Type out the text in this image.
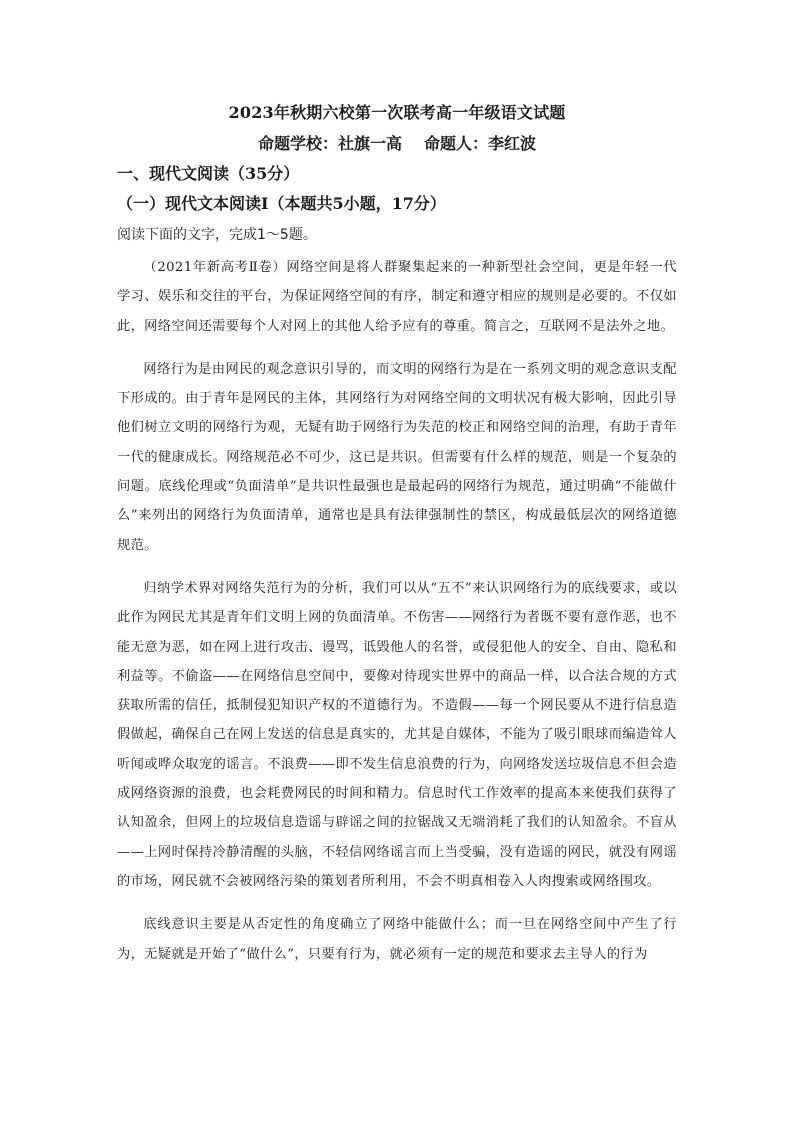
2023年秋期六校第一次联考高一年级语文试题

命题学校：社旗一高 命题人：李红波

一、现代文阅读（35分）
（一）现代文本阅读Ⅰ（本题共5小题，17分）

阅读下面的文字，完成1～5题。

（2021年新高考Ⅱ卷）网络空间是将人群聚集起来的一种新型社会空间，更是年轻一代学习、娱乐和交往的平台，为保证网络空间的有序，制定和遵守相应的规则是必要的。不仅如此，网络空间还需要每个人对网上的其他人给予应有的尊重。简言之，互联网不是法外之地。

网络行为是由网民的观念意识引导的，而文明的网络行为是在一系列文明的观念意识支配下形成的。由于青年是网民的主体，其网络行为对网络空间的文明状况有极大影响，因此引导他们树立文明的网络行为观，无疑有助于网络行为失范的校正和网络空间的治理，有助于青年一代的健康成长。网络规范必不可少，这已是共识。但需要有什么样的规范，则是一个复杂的问题。底线伦理或“负面清单”是共识性最强也是最起码的网络行为规范，通过明确“不能做什么”来列出的网络行为负面清单，通常也是具有法律强制性的禁区，构成最低层次的网络道德规范。

归纳学术界对网络失范行为的分析，我们可以从“五不”来认识网络行为的底线要求，或以此作为网民尤其是青年们文明上网的负面清单。不伤害——网络行为者既不要有意作恶，也不能无意为恶，如在网上进行攻击、谩骂，诋毁他人的名誉，或侵犯他人的安全、自由、隐私和利益等。不偷盗——在网络信息空间中，要像对待现实世界中的商品一样，以合法合规的方式获取所需的信任，抵制侵犯知识产权的不道德行为。不造假——每一个网民要从不进行信息造假做起，确保自己在网上发送的信息是真实的，尤其是自媒体，不能为了吸引眼球而编造耸人听闻或哗众取宠的谣言。不浪费——即不发生信息浪费的行为，向网络发送垃圾信息不但会造成网络资源的浪费，也会耗费网民的时间和精力。信息时代工作效率的提高本来使我们获得了认知盈余，但网上的垃圾信息造谣与辟谣之间的拉锯战又无端消耗了我们的认知盈余。不盲从——上网时保持冷静清醒的头脑，不轻信网络谣言而上当受骗，没有造谣的网民，就没有网谣的市场，网民就不会被网络污染的策划者所利用，不会不明真相卷入人肉搜索或网络围攻。

底线意识主要是从否定性的角度确立了网络中能做什么；而一旦在网络空间中产生了行为，无疑就是开始了“做什么”，只要有行为，就必须有一定的规范和要求去主导人的行为
